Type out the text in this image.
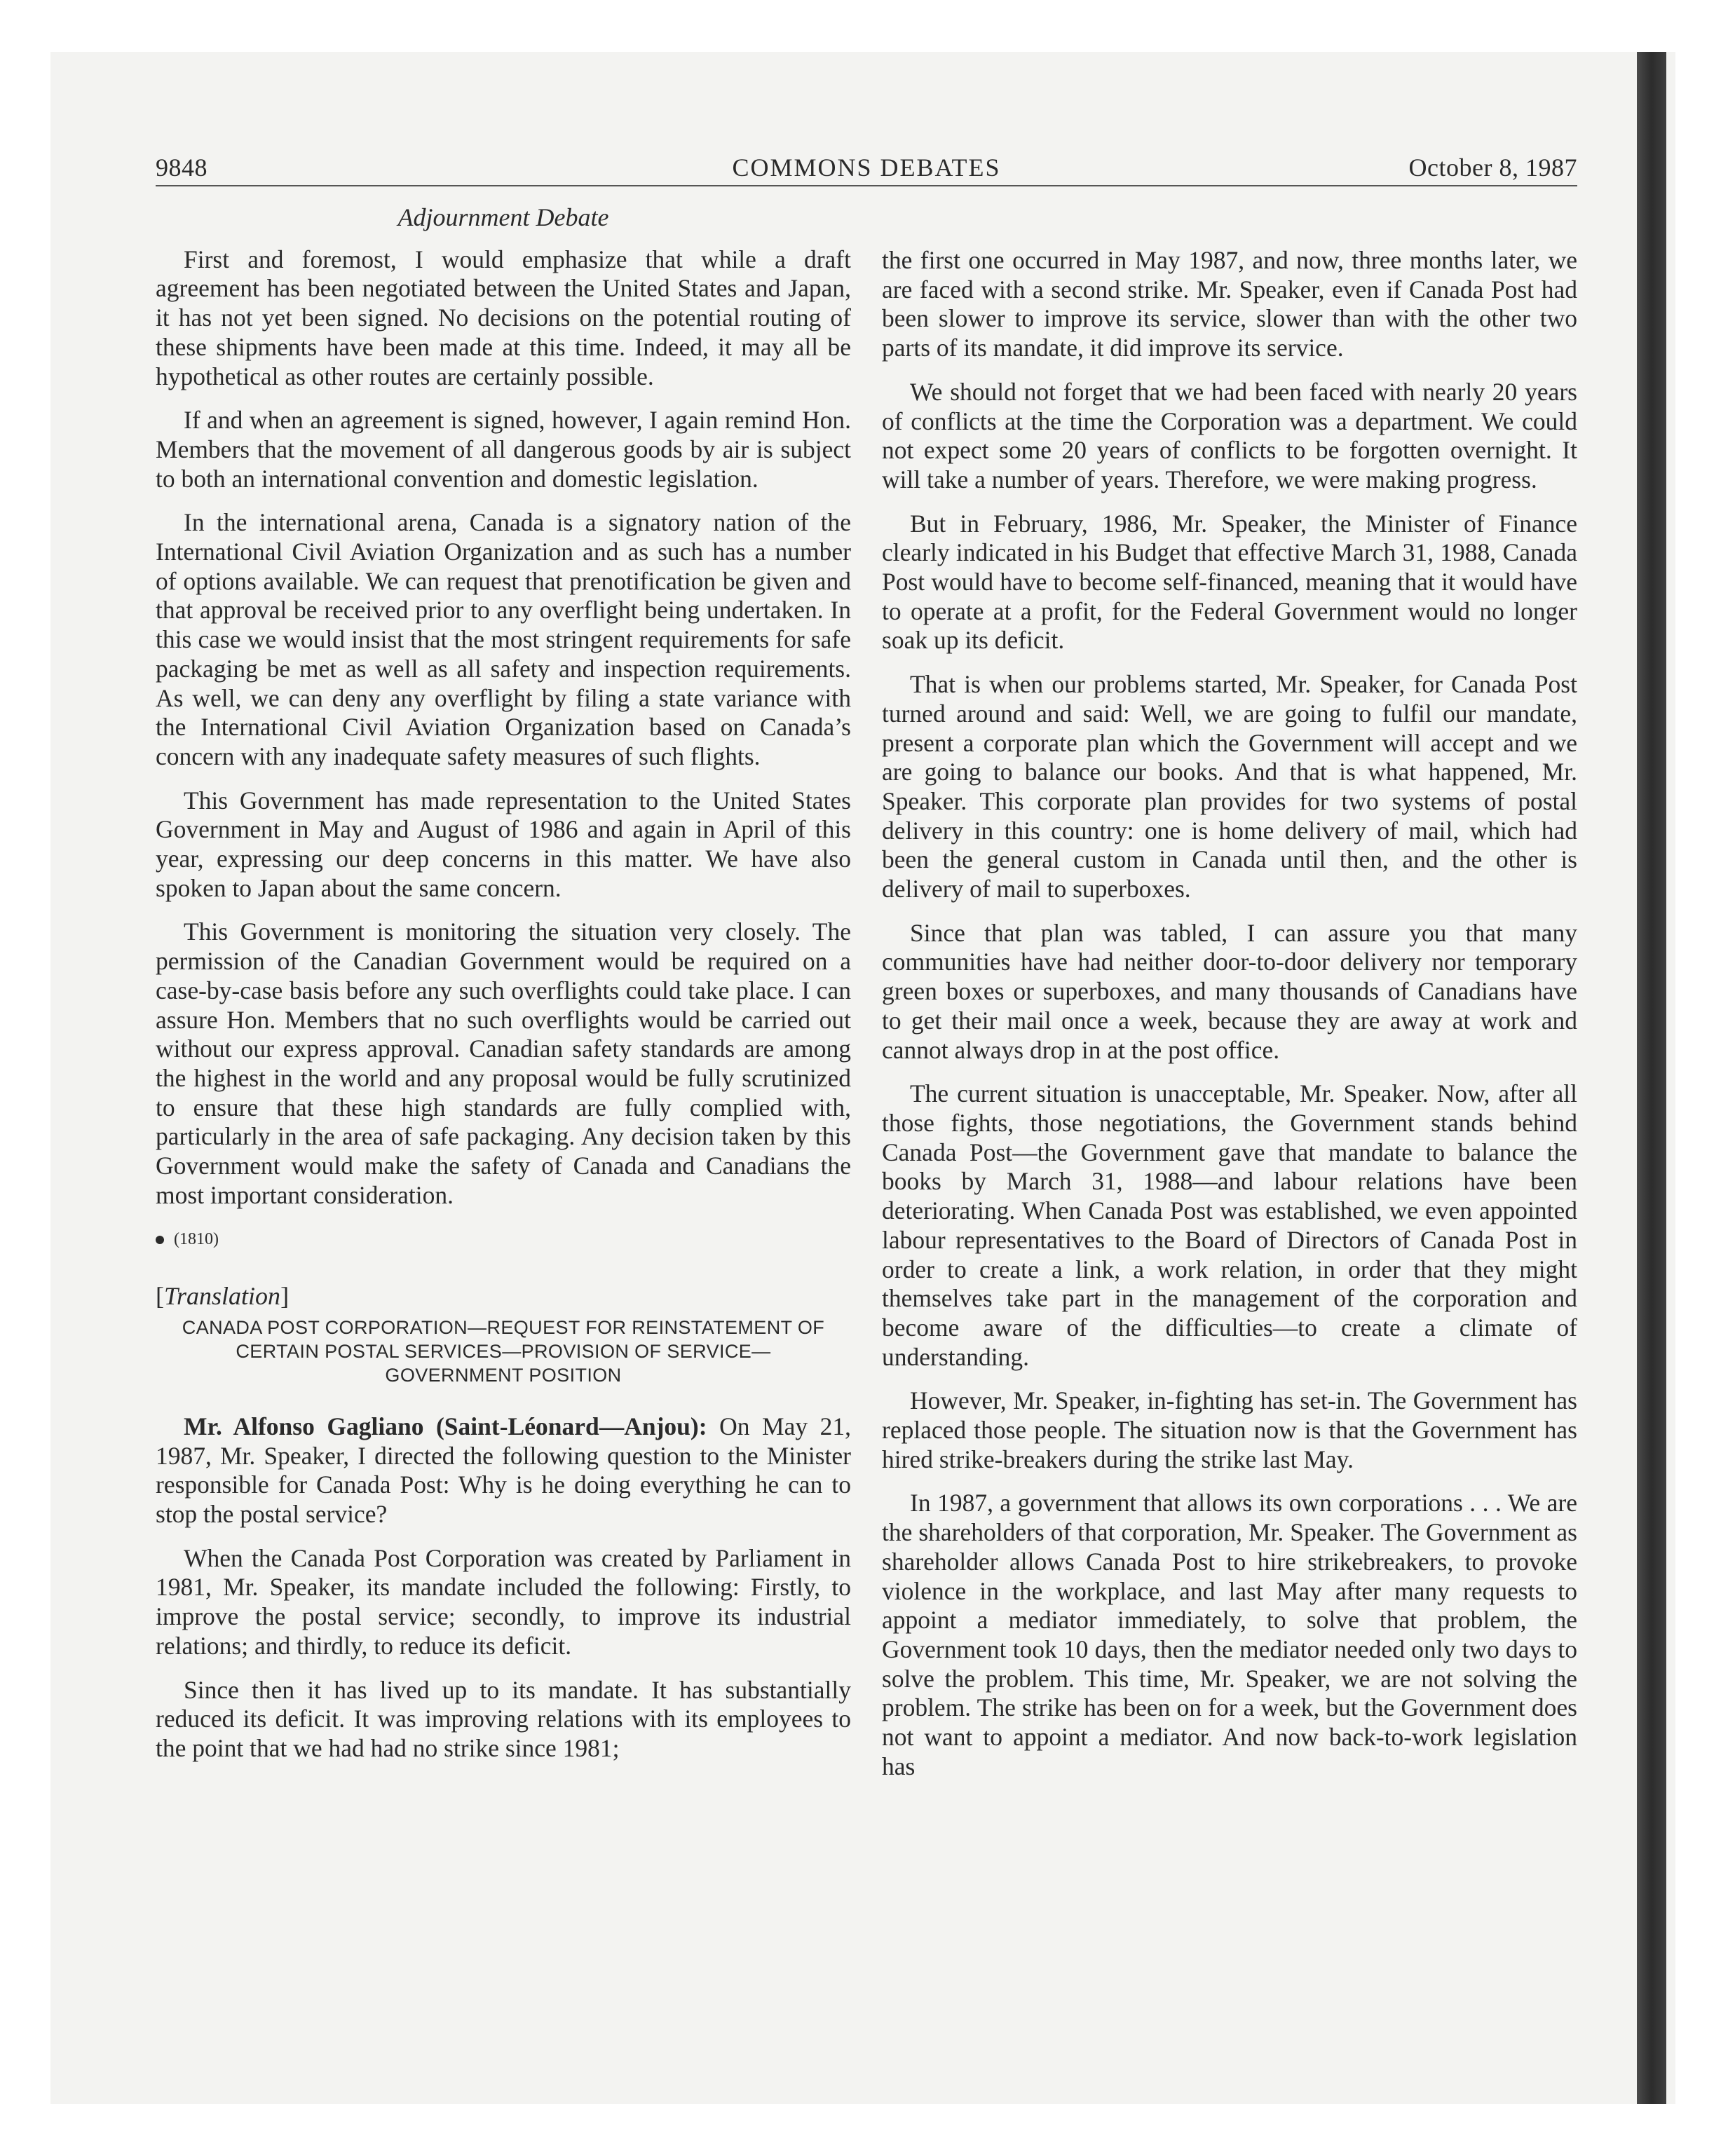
9848	COMMONS DEBATES	October 8, 1987
Adjournment Debate

First and foremost, I would emphasize that while a draft agreement has been negotiated between the United States and Japan, it has not yet been signed. No decisions on the potential routing of these shipments have been made at this time. Indeed, it may all be hypothetical as other routes are certainly possible.

If and when an agreement is signed, however, I again remind Hon. Members that the movement of all dangerous goods by air is subject to both an international convention and domestic legislation.

In the international arena, Canada is a signatory nation of the International Civil Aviation Organization and as such has a number of options available. We can request that prenotification be given and that approval be received prior to any overflight being undertaken. In this case we would insist that the most stringent requirements for safe packaging be met as well as all safety and inspection requirements. As well, we can deny any overflight by filing a state variance with the International Civil Aviation Organization based on Canada’s concern with any inadequate safety measures of such flights.

This Government has made representation to the United States Government in May and August of 1986 and again in April of this year, expressing our deep concerns in this matter. We have also spoken to Japan about the same concern.

This Government is monitoring the situation very closely. The permission of the Canadian Government would be required on a case-by-case basis before any such overflights could take place. I can assure Hon. Members that no such overflights would be carried out without our express approval. Canadian safety standards are among the highest in the world and any proposal would be fully scrutinized to ensure that these high standards are fully complied with, particularly in the area of safe packaging. Any decision taken by this Government would make the safety of Canada and Canadians the most important consideration.

(1810)
[Translation]
CANADA POST CORPORATION—REQUEST FOR REINSTATEMENT OF CERTAIN POSTAL SERVICES—PROVISION OF SERVICE— GOVERNMENT POSITION

Mr. Alfonso Gagliano (Saint-Léonard—Anjou): On May 21, 1987, Mr. Speaker, I directed the following question to the Minister responsible for Canada Post: Why is he doing everything he can to stop the postal service?

When the Canada Post Corporation was created by Parliament in 1981, Mr. Speaker, its mandate included the following: Firstly, to improve the postal service; secondly, to improve its industrial relations; and thirdly, to reduce its deficit.

Since then it has lived up to its mandate. It has substantially reduced its deficit. It was improving relations with its employees to the point that we had had no strike since 1981;

the first one occurred in May 1987, and now, three months later, we are faced with a second strike. Mr. Speaker, even if Canada Post had been slower to improve its service, slower than with the other two parts of its mandate, it did improve its service.

We should not forget that we had been faced with nearly 20 years of conflicts at the time the Corporation was a department. We could not expect some 20 years of conflicts to be forgotten overnight. It will take a number of years. Therefore, we were making progress.

But in February, 1986, Mr. Speaker, the Minister of Finance clearly indicated in his Budget that effective March 31, 1988, Canada Post would have to become self-financed, meaning that it would have to operate at a profit, for the Federal Government would no longer soak up its deficit.

That is when our problems started, Mr. Speaker, for Canada Post turned around and said: Well, we are going to fulfil our mandate, present a corporate plan which the Government will accept and we are going to balance our books. And that is what happened, Mr. Speaker. This corporate plan provides for two systems of postal delivery in this country: one is home delivery of mail, which had been the general custom in Canada until then, and the other is delivery of mail to superboxes.

Since that plan was tabled, I can assure you that many communities have had neither door-to-door delivery nor temporary green boxes or superboxes, and many thousands of Canadians have to get their mail once a week, because they are away at work and cannot always drop in at the post office.

The current situation is unacceptable, Mr. Speaker. Now, after all those fights, those negotiations, the Government stands behind Canada Post—the Government gave that mandate to balance the books by March 31, 1988—and labour relations have been deteriorating. When Canada Post was established, we even appointed labour representatives to the Board of Directors of Canada Post in order to create a link, a work relation, in order that they might themselves take part in the management of the corporation and become aware of the difficulties—to create a climate of understanding.

However, Mr. Speaker, in-fighting has set-in. The Government has replaced those people. The situation now is that the Government has hired strike-breakers during the strike last May.

In 1987, a government that allows its own corporations . . . We are the shareholders of that corporation, Mr. Speaker. The Government as shareholder allows Canada Post to hire strikebreakers, to provoke violence in the workplace, and last May after many requests to appoint a mediator immediately, to solve that problem, the Government took 10 days, then the mediator needed only two days to solve the problem. This time, Mr. Speaker, we are not solving the problem. The strike has been on for a week, but the Government does not want to appoint a mediator. And now back-to-work legislation has
